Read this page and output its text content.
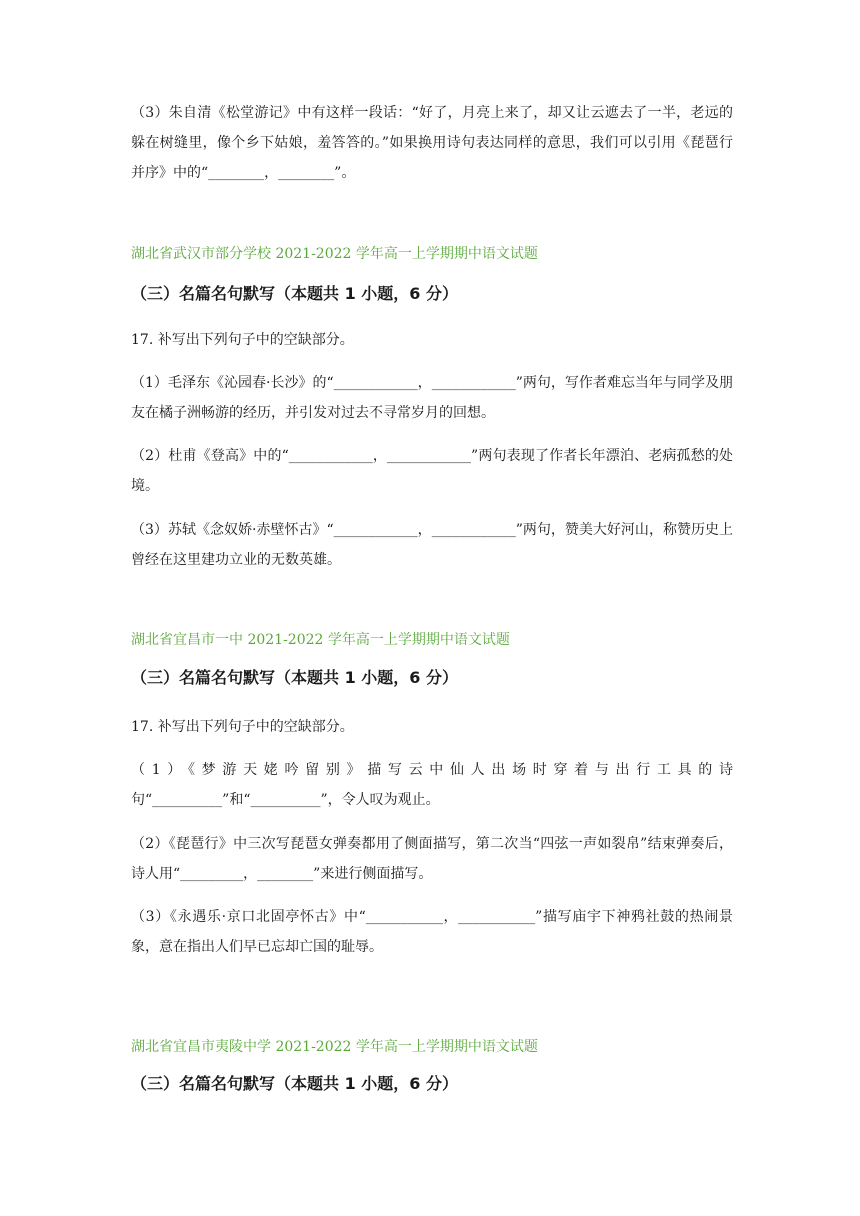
（3）朱自清《松堂游记》中有这样一段话：“好了，月亮上来了，却又让云遮去了一半，老远的躲在树缝里，像个乡下姑娘，羞答答的。”如果换用诗句表达同样的意思，我们可以引用《琵琶行并序》中的“________，________”。

湖北省武汉市部分学校 2021-2022 学年高一上学期期中语文试题

（三）名篇名句默写（本题共 1 小题，6 分）

17. 补写出下列句子中的空缺部分。

（1）毛泽东《沁园春·长沙》的“____________，____________”两句，写作者难忘当年与同学及朋友在橘子洲畅游的经历，并引发对过去不寻常岁月的回想。

（2）杜甫《登高》中的“____________，____________”两句表现了作者长年漂泊、老病孤愁的处境。

（3）苏轼《念奴娇·赤壁怀古》“____________，____________”两句，赞美大好河山，称赞历史上曾经在这里建功立业的无数英雄。

湖北省宜昌市一中 2021-2022 学年高一上学期期中语文试题

（三）名篇名句默写（本题共 1 小题，6 分）

17. 补写出下列句子中的空缺部分。

（1）《梦游天姥吟留别》描写云中仙人出场时穿着与出行工具的诗句“__________”和“__________”，令人叹为观止。

（2）《琵琶行》中三次写琵琶女弹奏都用了侧面描写，第二次当“四弦一声如裂帛”结束弹奏后，诗人用“_________，________”来进行侧面描写。

（3）《永遇乐·京口北固亭怀古》中“___________，___________”描写庙宇下神鸦社鼓的热闹景象，意在指出人们早已忘却亡国的耻辱。

湖北省宜昌市夷陵中学 2021-2022 学年高一上学期期中语文试题

（三）名篇名句默写（本题共 1 小题，6 分）
